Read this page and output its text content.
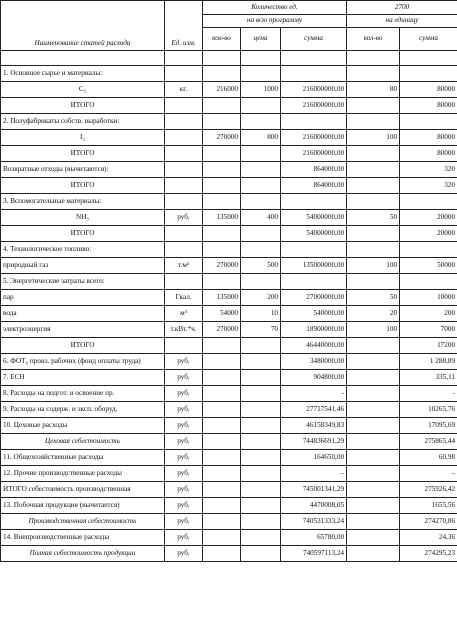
Наименование статей расхода	Ед. изм.	Количество ед.			2700	
		на всю программу			на единицу	
		кол-во	цена	сумма	кол-во	сумма

1. Основное сырье и материалы:						
C₂	кг.	216000	1000	216000000,00	80	80000
ИТОГО				216000000,00		80000
2. Полуфабрикаты собств. выработки:						
I₂		270000	800	216000000,00	100	80000
ИТОГО				216000000,00		80000
Возвратные отходы (вычитаются):				864000,00		320
ИТОГО				864000,00		320
3. Вспомогательные материалы:						
NH₃	руб.	135000	400	54000000,00	50	20000
ИТОГО				54000000,00		20000
4. Технологическое топливо:						
природный газ	т.м³	270000	500	135000000,00	100	50000
5. Энергетические затраты всего:						
пар	Гкал.	135000	200	27000000,00	50	10000
вода	м³	54000	10	540000,00	20	200
электроэнергия	т.кВт.*ч.	270000	70	18900000,00	100	7000
ИТОГО				46440000,00		17200
6. ФОТ₀ произ. рабочих (фонд оплаты труда)	руб.			3480000,00		1 288,89
7. ЕСН	руб.			904800,00		335,11
8. Расходы на подгот. и освоение пр.	руб.			-		-
9. Расходы на содерж. и эксп. оборуд.	руб.			27717541,46		10265,76
10. Цеховые расходы	руб.			46158349,83		17095,69
Цеховая себестоимость	руб.			744836691,29		275865,44
11. Общехозяйственные расходы	руб.			164650,00		60,98
12. Прочие производственные расходы	руб.			–		–
ИТОГО себестоимость производственная	руб.			745001341,29		275926,42
13. Побочная продукция (вычитается)	руб.			4470008,05		1655,56
Производственная себестоимость	руб.			740531333,24		274270,86
14. Внепроизводственные расходы	руб.			65780,00		24,36
Полная себестоимость продукции	руб.			740597113,24		274295,23
